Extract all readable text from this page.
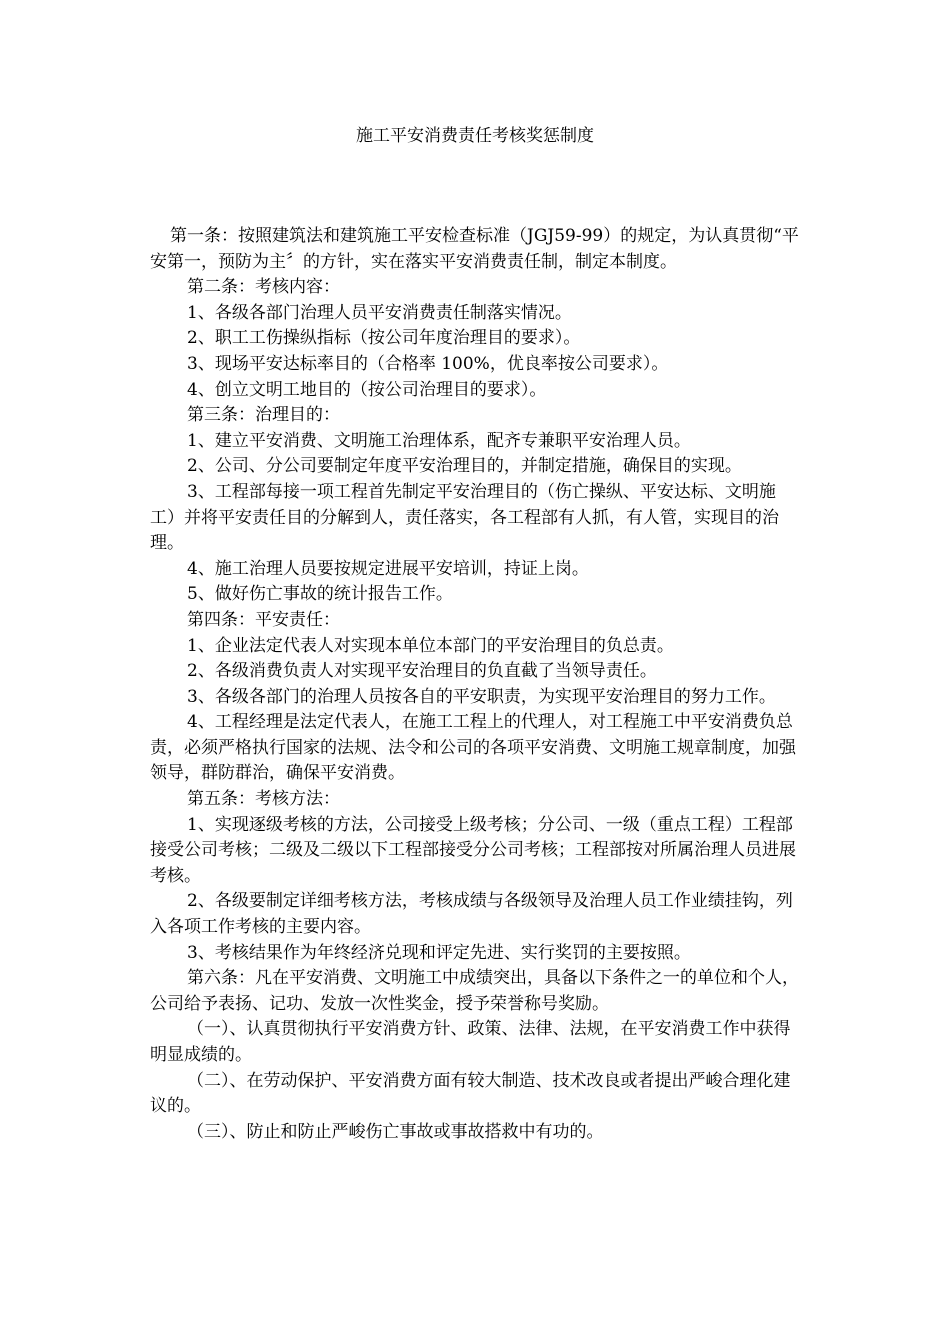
施工平安消费责任考核奖惩制度

第一条：按照建筑法和建筑施工平安检查标准（JGJ59-99）的规定，为认真贯彻“平安第一，预防为主〞的方针，实在落实平安消费责任制，制定本制度。

第二条：考核内容：

1、各级各部门治理人员平安消费责任制落实情况。

2、职工工伤操纵指标（按公司年度治理目的要求）。

3、现场平安达标率目的（合格率 100%，优良率按公司要求）。

4、创立文明工地目的（按公司治理目的要求）。

第三条：治理目的：

1、建立平安消费、文明施工治理体系，配齐专兼职平安治理人员。

2、公司、分公司要制定年度平安治理目的，并制定措施，确保目的实现。

3、工程部每接一项工程首先制定平安治理目的（伤亡操纵、平安达标、文明施工）并将平安责任目的分解到人，责任落实，各工程部有人抓，有人管，实现目的治理。

4、施工治理人员要按规定进展平安培训，持证上岗。

5、做好伤亡事故的统计报告工作。

第四条：平安责任：

1、企业法定代表人对实现本单位本部门的平安治理目的负总责。

2、各级消费负责人对实现平安治理目的负直截了当领导责任。

3、各级各部门的治理人员按各自的平安职责，为实现平安治理目的努力工作。

4、工程经理是法定代表人，在施工工程上的代理人，对工程施工中平安消费负总责，必须严格执行国家的法规、法令和公司的各项平安消费、文明施工规章制度，加强领导，群防群治，确保平安消费。

第五条：考核方法：

1、实现逐级考核的方法，公司接受上级考核；分公司、一级（重点工程）工程部接受公司考核；二级及二级以下工程部接受分公司考核；工程部按对所属治理人员进展考核。

2、各级要制定详细考核方法，考核成绩与各级领导及治理人员工作业绩挂钩，列入各项工作考核的主要内容。

3、考核结果作为年终经济兑现和评定先进、实行奖罚的主要按照。

第六条：凡在平安消费、文明施工中成绩突出，具备以下条件之一的单位和个人，公司给予表扬、记功、发放一次性奖金，授予荣誉称号奖励。

（一）、认真贯彻执行平安消费方针、政策、法律、法规，在平安消费工作中获得明显成绩的。

（二）、在劳动保护、平安消费方面有较大制造、技术改良或者提出严峻合理化建议的。

（三）、防止和防止严峻伤亡事故或事故搭救中有功的。
